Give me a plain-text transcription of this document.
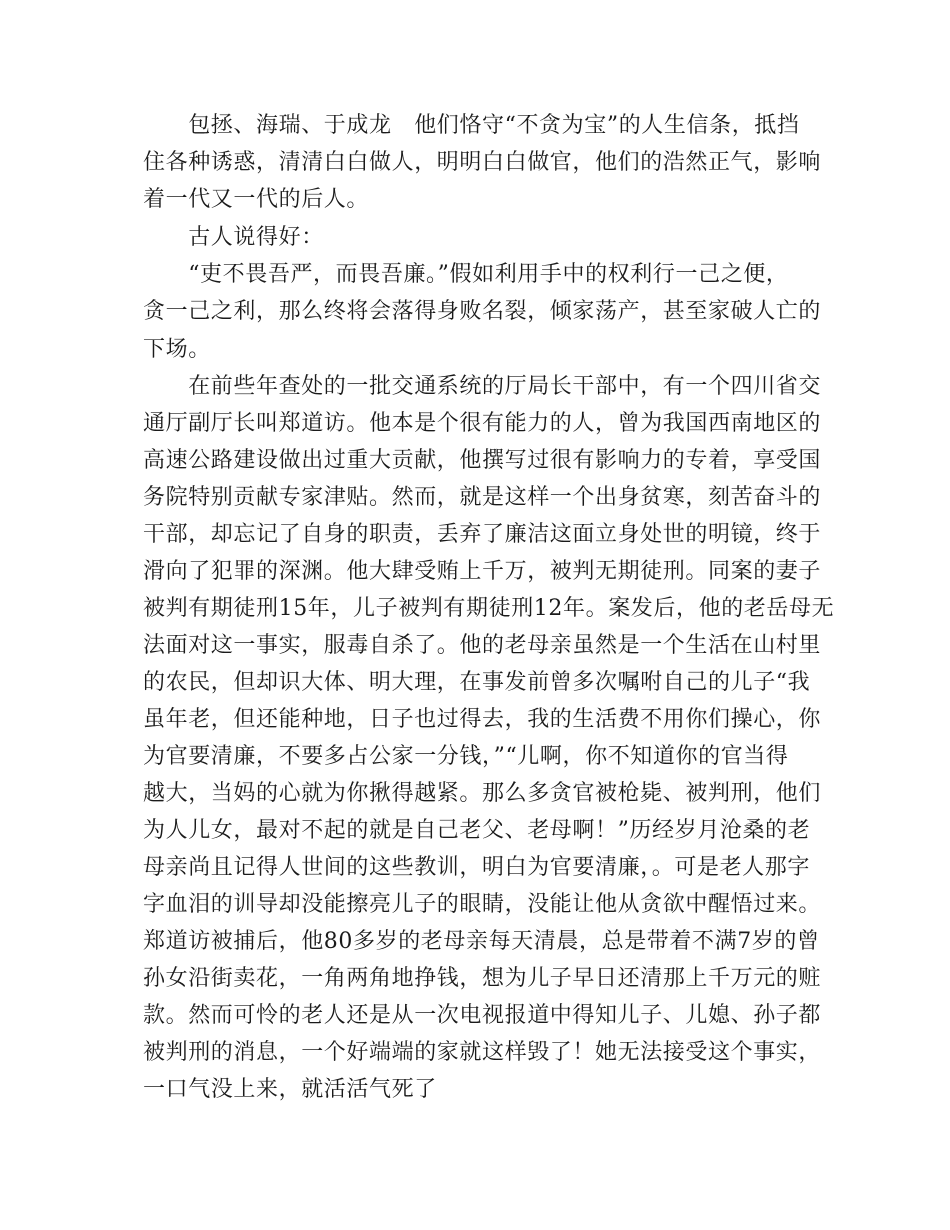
　　包拯、海瑞、于成龙　他们恪守“不贪为宝”的人生信条，抵挡
住各种诱惑，清清白白做人，明明白白做官，他们的浩然正气，影响
着一代又一代的后人。
　　古人说得好：
　　“吏不畏吾严，而畏吾廉。”假如利用手中的权利行一己之便，
贪一己之利，那么终将会落得身败名裂，倾家荡产，甚至家破人亡的
下场。
　　在前些年查处的一批交通系统的厅局长干部中，有一个四川省交
通厅副厅长叫郑道访。他本是个很有能力的人，曾为我国西南地区的
高速公路建设做出过重大贡献，他撰写过很有影响力的专着，享受国
务院特别贡献专家津贴。然而，就是这样一个出身贫寒，刻苦奋斗的
干部，却忘记了自身的职责，丢弃了廉洁这面立身处世的明镜，终于
滑向了犯罪的深渊。他大肆受贿上千万，被判无期徒刑。同案的妻子
被判有期徒刑15年，儿子被判有期徒刑12年。案发后，他的老岳母无
法面对这一事实，服毒自杀了。他的老母亲虽然是一个生活在山村里
的农民，但却识大体、明大理，在事发前曾多次嘱咐自己的儿子“我
虽年老，但还能种地，日子也过得去，我的生活费不用你们操心，你
为官要清廉，不要多占公家一分钱，”“儿啊，你不知道你的官当得
越大，当妈的心就为你揪得越紧。那么多贪官被枪毙、被判刑，他们
为人儿女，最对不起的就是自己老父、老母啊！”历经岁月沧桑的老
母亲尚且记得人世间的这些教训，明白为官要清廉，。可是老人那字
字血泪的训导却没能擦亮儿子的眼睛，没能让他从贪欲中醒悟过来。
郑道访被捕后，他80多岁的老母亲每天清晨，总是带着不满7岁的曾
孙女沿街卖花，一角两角地挣钱，想为儿子早日还清那上千万元的赃
款。然而可怜的老人还是从一次电视报道中得知儿子、儿媳、孙子都
被判刑的消息，一个好端端的家就这样毁了！她无法接受这个事实，
一口气没上来，就活活气死了
